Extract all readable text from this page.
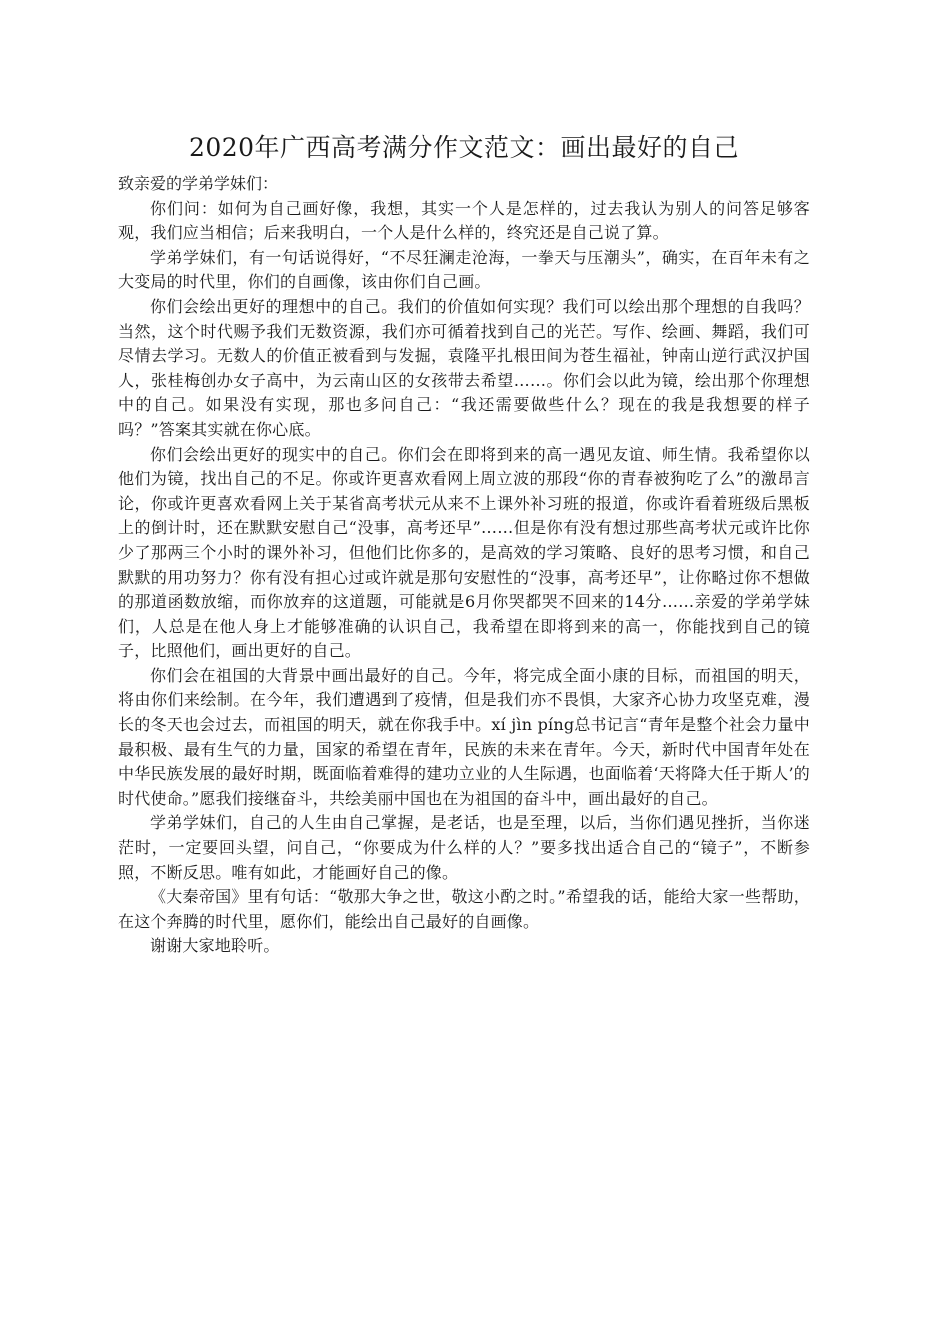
2020年广西高考满分作文范文：画出最好的自己

致亲爱的学弟学妹们：

你们问：如何为自己画好像，我想，其实一个人是怎样的，过去我认为别人的问答足够客观，我们应当相信；后来我明白，一个人是什么样的，终究还是自己说了算。

学弟学妹们，有一句话说得好，“不尽狂澜走沧海，一拳天与压潮头”，确实，在百年未有之大变局的时代里，你们的自画像，该由你们自己画。

你们会绘出更好的理想中的自己。我们的价值如何实现？我们可以绘出那个理想的自我吗？当然，这个时代赐予我们无数资源，我们亦可循着找到自己的光芒。写作、绘画、舞蹈，我们可尽情去学习。无数人的价值正被看到与发掘，袁隆平扎根田间为苍生福祉，钟南山逆行武汉护国人，张桂梅创办女子高中，为云南山区的女孩带去希望……。你们会以此为镜，绘出那个你理想中的自己。如果没有实现，那也多问自己：“我还需要做些什么？现在的我是我想要的样子吗？”答案其实就在你心底。

你们会绘出更好的现实中的自己。你们会在即将到来的高一遇见友谊、师生情。我希望你以他们为镜，找出自己的不足。你或许更喜欢看网上周立波的那段“你的青春被狗吃了么”的激昂言论，你或许更喜欢看网上关于某省高考状元从来不上课外补习班的报道，你或许看着班级后黑板上的倒计时，还在默默安慰自己“没事，高考还早”……但是你有没有想过那些高考状元或许比你少了那两三个小时的课外补习，但他们比你多的，是高效的学习策略、良好的思考习惯，和自己默默的用功努力？你有没有担心过或许就是那句安慰性的“没事，高考还早”，让你略过你不想做的那道函数放缩，而你放弃的这道题，可能就是6月你哭都哭不回来的14分……亲爱的学弟学妹们，人总是在他人身上才能够准确的认识自己，我希望在即将到来的高一，你能找到自己的镜子，比照他们，画出更好的自己。

你们会在祖国的大背景中画出最好的自己。今年，将完成全面小康的目标，而祖国的明天，将由你们来绘制。在今年，我们遭遇到了疫情，但是我们亦不畏惧，大家齐心协力攻坚克难，漫长的冬天也会过去，而祖国的明天，就在你我手中。xí jìn píng总书记言“青年是整个社会力量中最积极、最有生气的力量，国家的希望在青年，民族的未来在青年。今天，新时代中国青年处在中华民族发展的最好时期，既面临着难得的建功立业的人生际遇，也面临着‘天将降大任于斯人’的时代使命。”愿我们接继奋斗，共绘美丽中国也在为祖国的奋斗中，画出最好的自己。

学弟学妹们，自己的人生由自己掌握，是老话，也是至理，以后，当你们遇见挫折，当你迷茫时，一定要回头望，问自己，“你要成为什么样的人？”要多找出适合自己的“镜子”，不断参照，不断反思。唯有如此，才能画好自己的像。

《大秦帝国》里有句话：“敬那大争之世，敬这小酌之时。”希望我的话，能给大家一些帮助，在这个奔腾的时代里，愿你们，能绘出自己最好的自画像。

谢谢大家地聆听。
